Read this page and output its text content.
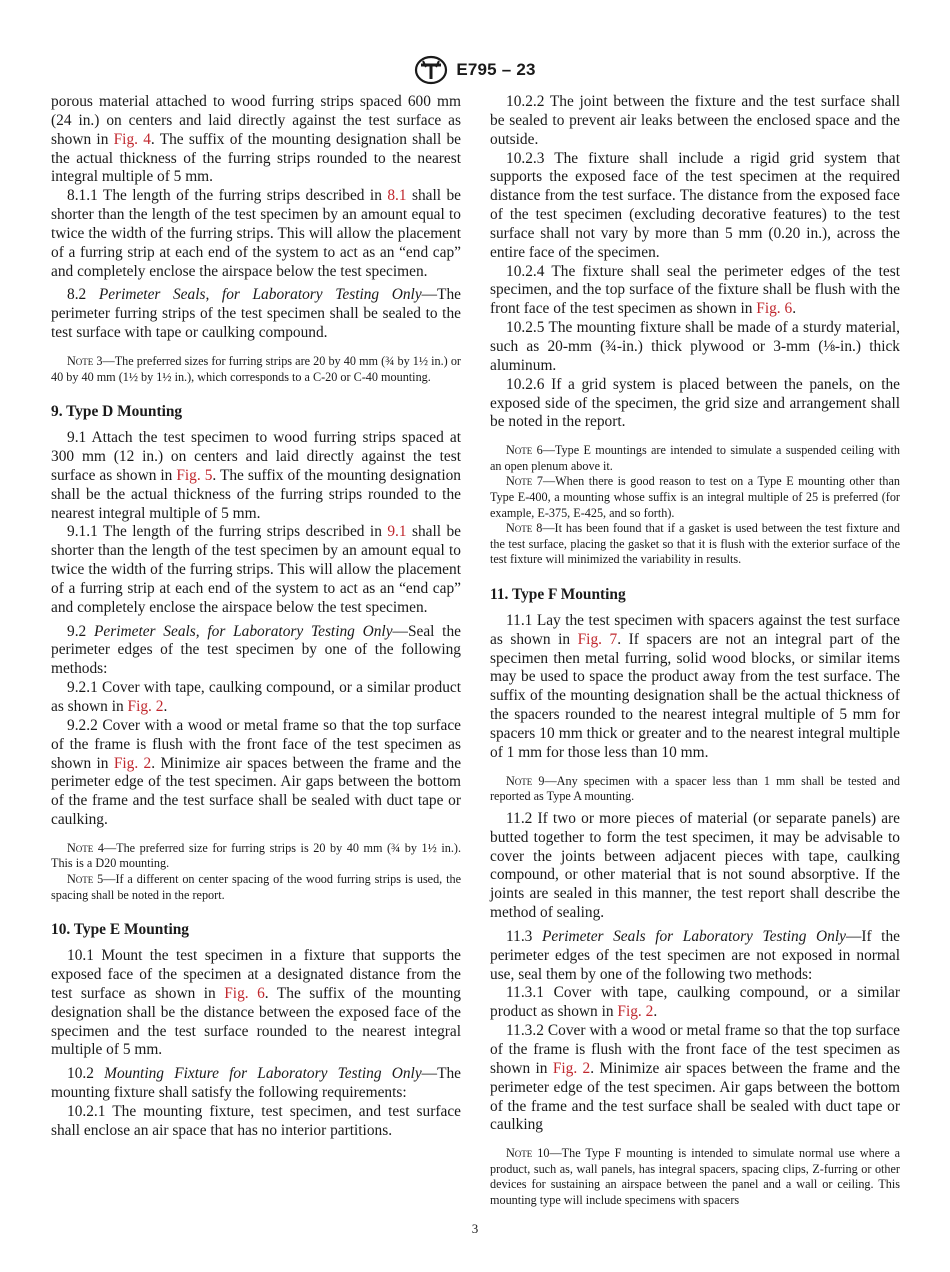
E795 – 23

porous material attached to wood furring strips spaced 600 mm (24 in.) on centers and laid directly against the test surface as shown in Fig. 4. The suffix of the mounting designation shall be the actual thickness of the furring strips rounded to the nearest integral multiple of 5 mm.

8.1.1 The length of the furring strips described in 8.1 shall be shorter than the length of the test specimen by an amount equal to twice the width of the furring strips. This will allow the placement of a furring strip at each end of the system to act as an “end cap” and completely enclose the airspace below the test specimen.

8.2 Perimeter Seals, for Laboratory Testing Only—The perimeter furring strips of the test specimen shall be sealed to the test surface with tape or caulking compound.

Note 3—The preferred sizes for furring strips are 20 by 40 mm (¾ by 1½ in.) or 40 by 40 mm (1½ by 1½ in.), which corresponds to a C-20 or C-40 mounting.

9. Type D Mounting

9.1 Attach the test specimen to wood furring strips spaced at 300 mm (12 in.) on centers and laid directly against the test surface as shown in Fig. 5. The suffix of the mounting designation shall be the actual thickness of the furring strips rounded to the nearest integral multiple of 5 mm.

9.1.1 The length of the furring strips described in 9.1 shall be shorter than the length of the test specimen by an amount equal to twice the width of the furring strips. This will allow the placement of a furring strip at each end of the system to act as an “end cap” and completely enclose the airspace below the test specimen.

9.2 Perimeter Seals, for Laboratory Testing Only—Seal the perimeter edges of the test specimen by one of the following methods:

9.2.1 Cover with tape, caulking compound, or a similar product as shown in Fig. 2.

9.2.2 Cover with a wood or metal frame so that the top surface of the frame is flush with the front face of the test specimen as shown in Fig. 2. Minimize air spaces between the frame and the perimeter edge of the test specimen. Air gaps between the bottom of the frame and the test surface shall be sealed with duct tape or caulking.

Note 4—The preferred size for furring strips is 20 by 40 mm (¾ by 1½ in.). This is a D20 mounting.

Note 5—If a different on center spacing of the wood furring strips is used, the spacing shall be noted in the report.

10. Type E Mounting

10.1 Mount the test specimen in a fixture that supports the exposed face of the specimen at a designated distance from the test surface as shown in Fig. 6. The suffix of the mounting designation shall be the distance between the exposed face of the specimen and the test surface rounded to the nearest integral multiple of 5 mm.

10.2 Mounting Fixture for Laboratory Testing Only—The mounting fixture shall satisfy the following requirements:

10.2.1 The mounting fixture, test specimen, and test surface shall enclose an air space that has no interior partitions.

10.2.2 The joint between the fixture and the test surface shall be sealed to prevent air leaks between the enclosed space and the outside.

10.2.3 The fixture shall include a rigid grid system that supports the exposed face of the test specimen at the required distance from the test surface. The distance from the exposed face of the test specimen (excluding decorative features) to the test surface shall not vary by more than 5 mm (0.20 in.), across the entire face of the specimen.

10.2.4 The fixture shall seal the perimeter edges of the test specimen, and the top surface of the fixture shall be flush with the front face of the test specimen as shown in Fig. 6.

10.2.5 The mounting fixture shall be made of a sturdy material, such as 20-mm (¾-in.) thick plywood or 3-mm (⅛-in.) thick aluminum.

10.2.6 If a grid system is placed between the panels, on the exposed side of the specimen, the grid size and arrangement shall be noted in the report.

Note 6—Type E mountings are intended to simulate a suspended ceiling with an open plenum above it.

Note 7—When there is good reason to test on a Type E mounting other than Type E-400, a mounting whose suffix is an integral multiple of 25 is preferred (for example, E-375, E-425, and so forth).

Note 8—It has been found that if a gasket is used between the test fixture and the test surface, placing the gasket so that it is flush with the exterior surface of the test fixture will minimized the variability in results.

11. Type F Mounting

11.1 Lay the test specimen with spacers against the test surface as shown in Fig. 7. If spacers are not an integral part of the specimen then metal furring, solid wood blocks, or similar items may be used to space the product away from the test surface. The suffix of the mounting designation shall be the actual thickness of the spacers rounded to the nearest integral multiple of 5 mm for spacers 10 mm thick or greater and to the nearest integral multiple of 1 mm for those less than 10 mm.

Note 9—Any specimen with a spacer less than 1 mm shall be tested and reported as Type A mounting.

11.2 If two or more pieces of material (or separate panels) are butted together to form the test specimen, it may be advisable to cover the joints between adjacent pieces with tape, caulking compound, or other material that is not sound absorptive. If the joints are sealed in this manner, the test report shall describe the method of sealing.

11.3 Perimeter Seals for Laboratory Testing Only—If the perimeter edges of the test specimen are not exposed in normal use, seal them by one of the following two methods:

11.3.1 Cover with tape, caulking compound, or a similar product as shown in Fig. 2.

11.3.2 Cover with a wood or metal frame so that the top surface of the frame is flush with the front face of the test specimen as shown in Fig. 2. Minimize air spaces between the frame and the perimeter edge of the test specimen. Air gaps between the bottom of the frame and the test surface shall be sealed with duct tape or caulking

Note 10—The Type F mounting is intended to simulate normal use where a product, such as, wall panels, has integral spacers, spacing clips, Z-furring or other devices for sustaining an airspace between the panel and a wall or ceiling. This mounting type will include specimens with spacers

3
